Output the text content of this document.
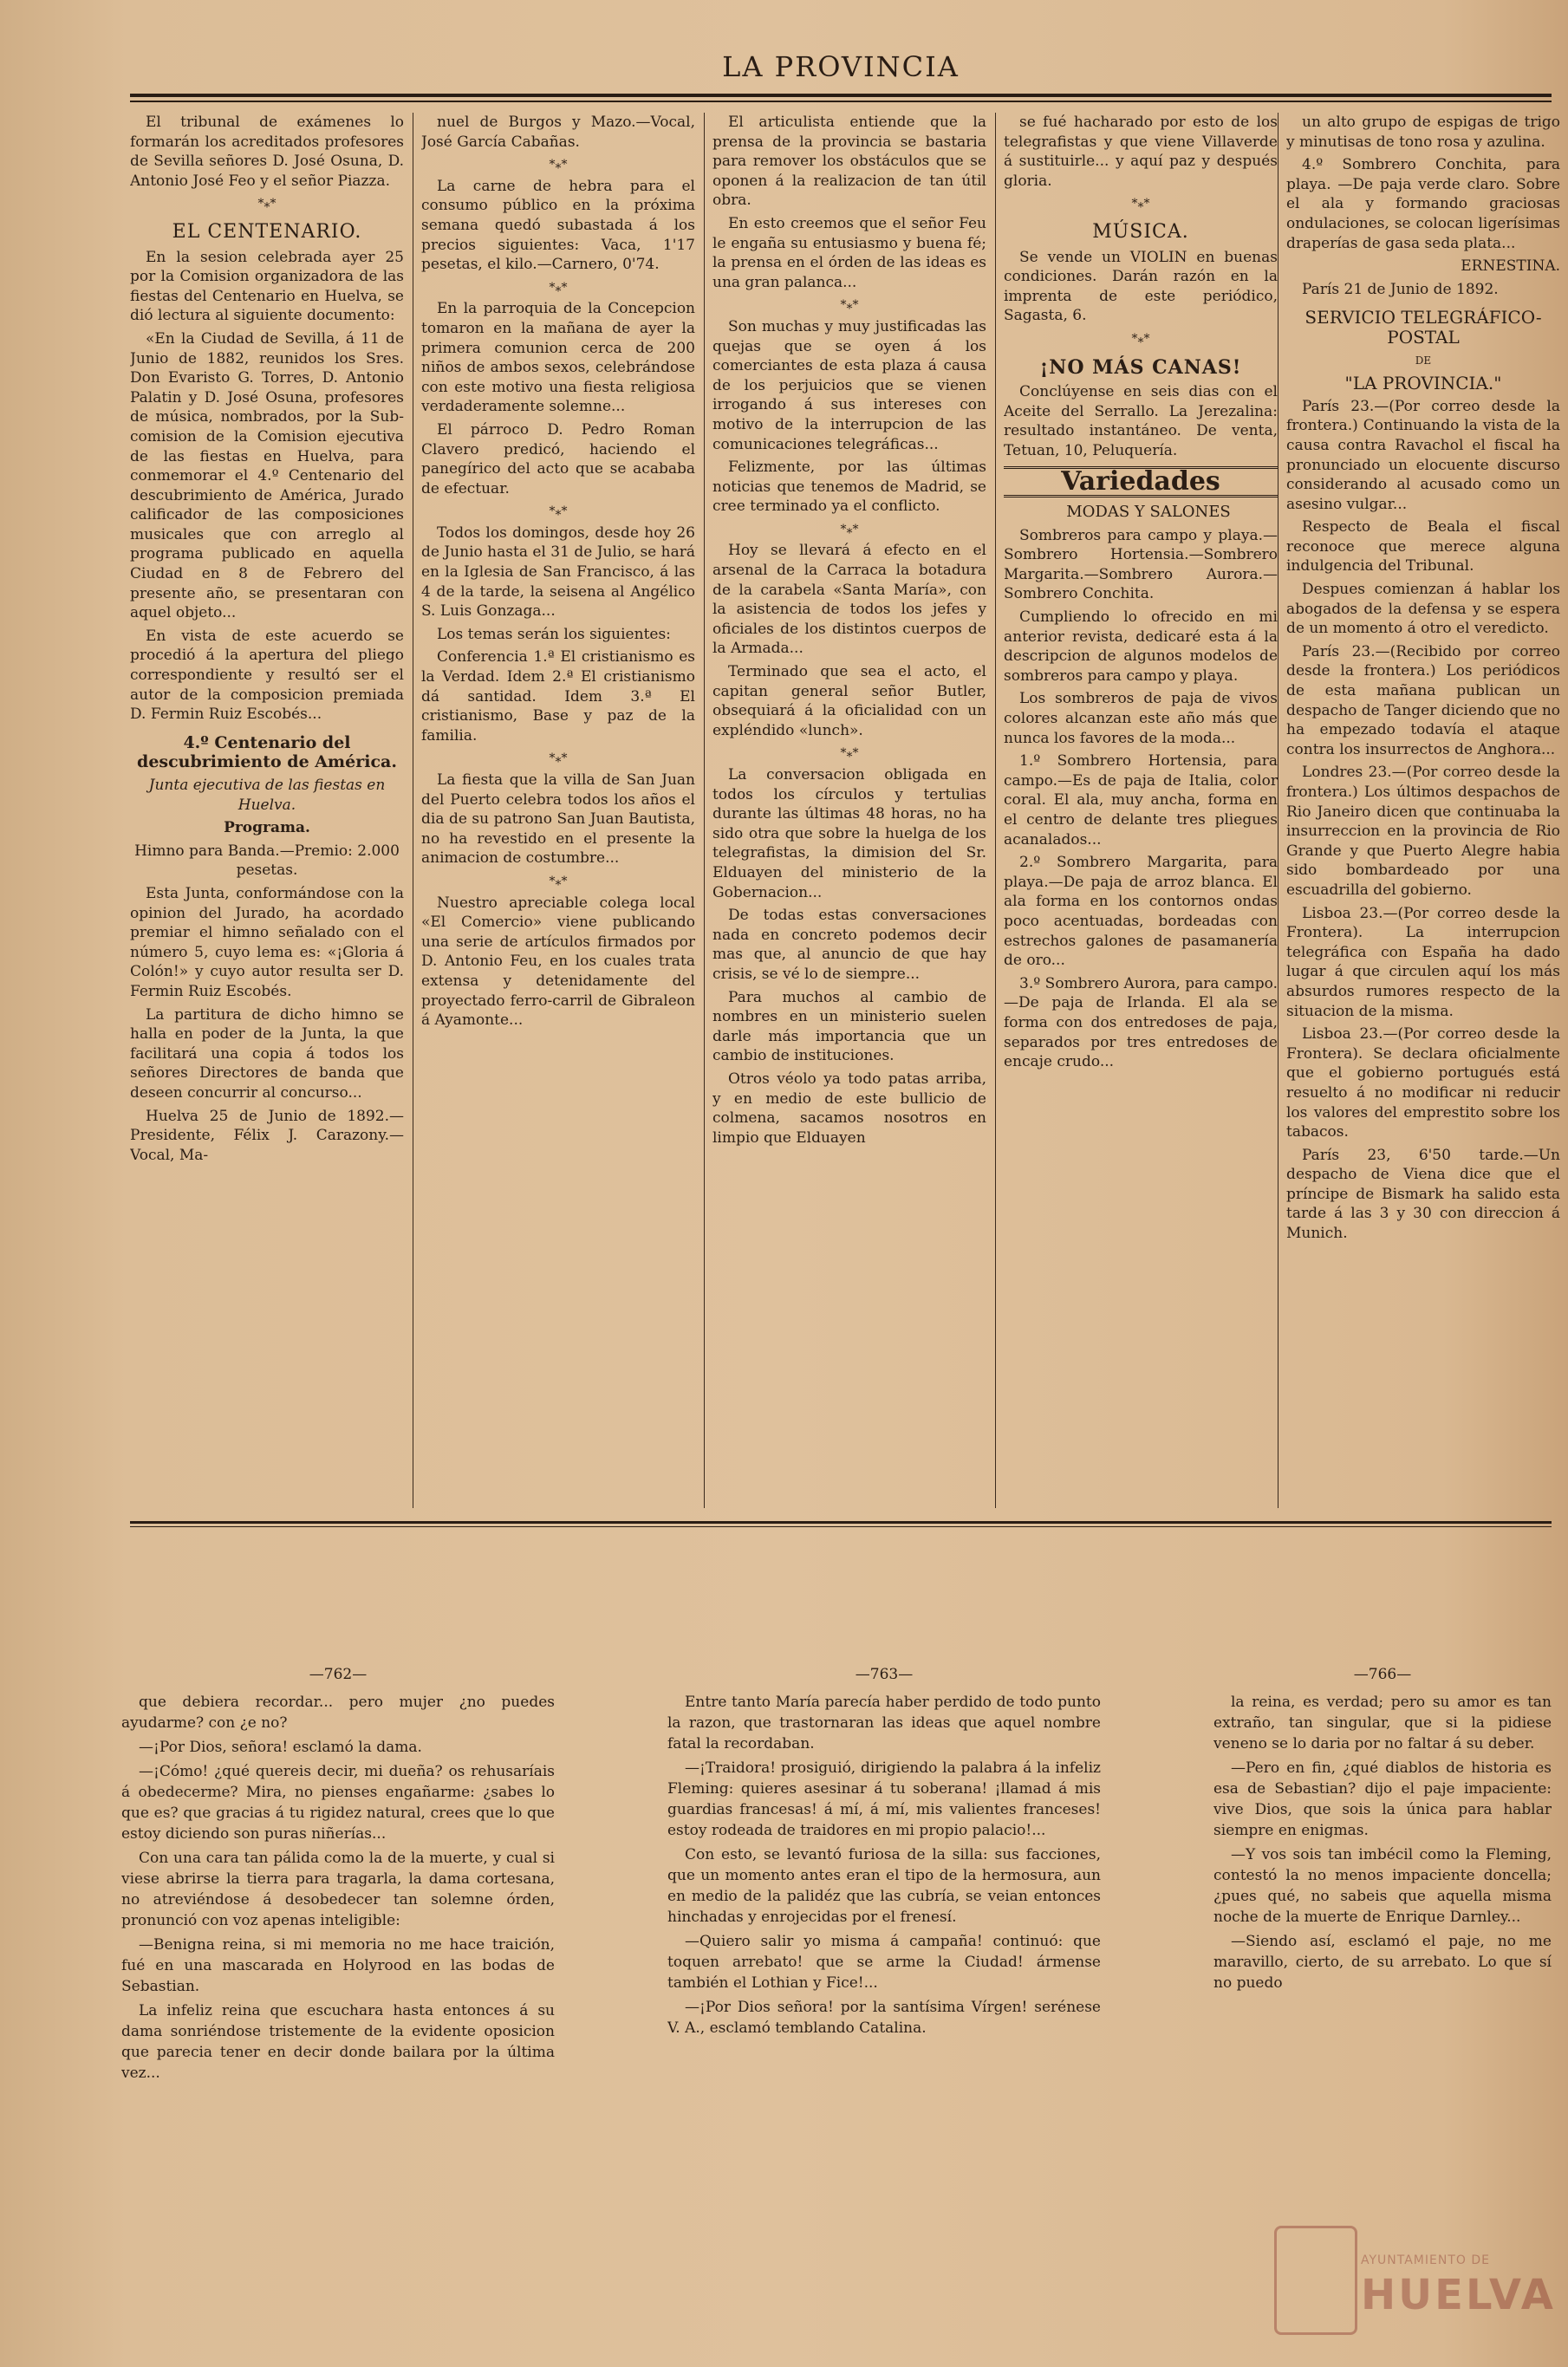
LA PROVINCIA

El tribunal de exámenes lo formarán los acreditados profesores de Sevilla señores D. José Osuna, D. Antonio José Feo y el señor Piazza.

*⁎*

EL CENTENARIO.

En la sesion celebrada ayer 25 por la Comision organizadora de las fiestas del Centenario en Huelva, se dió lectura al siguiente documento:

«En la Ciudad de Sevilla, á 11 de Junio de 1882, reunidos los Sres. Don Evaristo G. Torres, D. Antonio Palatin y D. José Osuna, profesores de música, nombrados, por la Sub-comision de la Comision ejecutiva de las fiestas en Huelva, para conmemorar el 4.º Centenario del descubrimiento de América, Jurado calificador de las composiciones musicales que con arreglo al programa publicado en aquella Ciudad en 8 de Febrero del presente año, se presentaran con aquel objeto...

En vista de este acuerdo se procedió á la apertura del pliego correspondiente y resultó ser el autor de la composicion premiada D. Fermin Ruiz Escobés...

4.º Centenario del descubrimiento de América.

Junta ejecutiva de las fiestas en Huelva.

Programa.

Himno para Banda.—Premio: 2.000 pesetas.

Esta Junta, conformándose con la opinion del Jurado, ha acordado premiar el himno señalado con el número 5, cuyo lema es: «¡Gloria á Colón!» y cuyo autor resulta ser D. Fermin Ruiz Escobés.

La partitura de dicho himno se halla en poder de la Junta, la que facilitará una copia á todos los señores Directores de banda que deseen concurrir al concurso...

Huelva 25 de Junio de 1892.—Presidente, Félix J. Carazony.—Vocal, Ma-

nuel de Burgos y Mazo.—Vocal, José García Cabañas.

*⁎*

La carne de hebra para el consumo público en la próxima semana quedó subastada á los precios siguientes: Vaca, 1'17 pesetas, el kilo.—Carnero, 0'74.

*⁎*

En la parroquia de la Concepcion tomaron en la mañana de ayer la primera comunion cerca de 200 niños de ambos sexos, celebrándose con este motivo una fiesta religiosa verdaderamente solemne...

El párroco D. Pedro Roman Clavero predicó, haciendo el panegírico del acto que se acababa de efectuar.

*⁎*

Todos los domingos, desde hoy 26 de Junio hasta el 31 de Julio, se hará en la Iglesia de San Francisco, á las 4 de la tarde, la seisena al Angélico S. Luis Gonzaga...

Los temas serán los siguientes:

Conferencia 1.ª El cristianismo es la Verdad. Idem 2.ª El cristianismo dá santidad. Idem 3.ª El cristianismo, Base y paz de la familia.

*⁎*

La fiesta que la villa de San Juan del Puerto celebra todos los años el dia de su patrono San Juan Bautista, no ha revestido en el presente la animacion de costumbre...

*⁎*

Nuestro apreciable colega local «El Comercio» viene publicando una serie de artículos firmados por D. Antonio Feu, en los cuales trata extensa y detenidamente del proyectado ferro-carril de Gibraleon á Ayamonte...

El articulista entiende que la prensa de la provincia se bastaria para remover los obstáculos que se oponen á la realizacion de tan útil obra.

En esto creemos que el señor Feu le engaña su entusiasmo y buena fé; la prensa en el órden de las ideas es una gran palanca...

*⁎*

Son muchas y muy justificadas las quejas que se oyen á los comerciantes de esta plaza á causa de los perjuicios que se vienen irrogando á sus intereses con motivo de la interrupcion de las comunicaciones telegráficas...

Felizmente, por las últimas noticias que tenemos de Madrid, se cree terminado ya el conflicto.

*⁎*

Hoy se llevará á efecto en el arsenal de la Carraca la botadura de la carabela «Santa María», con la asistencia de todos los jefes y oficiales de los distintos cuerpos de la Armada...

Terminado que sea el acto, el capitan general señor Butler, obsequiará á la oficialidad con un expléndido «lunch».

*⁎*

La conversacion obligada en todos los círculos y tertulias durante las últimas 48 horas, no ha sido otra que sobre la huelga de los telegrafistas, la dimision del Sr. Elduayen del ministerio de la Gobernacion...

De todas estas conversaciones nada en concreto podemos decir mas que, al anuncio de que hay crisis, se vé lo de siempre...

Para muchos al cambio de nombres en un ministerio suelen darle más importancia que un cambio de instituciones.

Otros véolo ya todo patas arriba, y en medio de este bullicio de colmena, sacamos nosotros en limpio que Elduayen

se fué hacharado por esto de los telegrafistas y que viene Villaverde á sustituirle... y aquí paz y después gloria.

*⁎*

MÚSICA.

Se vende un VIOLIN en buenas condiciones. Darán razón en la imprenta de este periódico, Sagasta, 6.

*⁎*

¡NO MÁS CANAS!

Conclúyense en seis dias con el Aceite del Serrallo. La Jerezalina: resultado instantáneo. De venta, Tetuan, 10, Peluquería.

Variedades

MODAS Y SALONES

Sombreros para campo y playa.—Sombrero Hortensia.—Sombrero Margarita.—Sombrero Aurora.—Sombrero Conchita.

Cumpliendo lo ofrecido en mi anterior revista, dedicaré esta á la descripcion de algunos modelos de sombreros para campo y playa.

Los sombreros de paja de vivos colores alcanzan este año más que nunca los favores de la moda...

1.º Sombrero Hortensia, para campo.—Es de paja de Italia, color coral. El ala, muy ancha, forma en el centro de delante tres pliegues acanalados...

2.º Sombrero Margarita, para playa.—De paja de arroz blanca. El ala forma en los contornos ondas poco acentuadas, bordeadas con estrechos galones de pasamanería de oro...

3.º Sombrero Aurora, para campo.—De paja de Irlanda. El ala se forma con dos entredoses de paja, separados por tres entredoses de encaje crudo...

un alto grupo de espigas de trigo y minutisas de tono rosa y azulina.

4.º Sombrero Conchita, para playa. —De paja verde claro. Sobre el ala y formando graciosas ondulaciones, se colocan ligerísimas draperías de gasa seda plata...

ERNESTINA.

París 21 de Junio de 1892.

SERVICIO TELEGRÁFICO-POSTAL

DE

"LA PROVINCIA."

París 23.—(Por correo desde la frontera.) Continuando la vista de la causa contra Ravachol el fiscal ha pronunciado un elocuente discurso considerando al acusado como un asesino vulgar...

Respecto de Beala el fiscal reconoce que merece alguna indulgencia del Tribunal.

Despues comienzan á hablar los abogados de la defensa y se espera de un momento á otro el veredicto.

París 23.—(Recibido por correo desde la frontera.) Los periódicos de esta mañana publican un despacho de Tanger diciendo que no ha empezado todavía el ataque contra los insurrectos de Anghora...

Londres 23.—(Por correo desde la frontera.) Los últimos despachos de Rio Janeiro dicen que continuaba la insurreccion en la provincia de Rio Grande y que Puerto Alegre habia sido bombardeado por una escuadrilla del gobierno.

Lisboa 23.—(Por correo desde la Frontera). La interrupcion telegráfica con España ha dado lugar á que circulen aquí los más absurdos rumores respecto de la situacion de la misma.

Lisboa 23.—(Por correo desde la Frontera). Se declara oficialmente que el gobierno portugués está resuelto á no modificar ni reducir los valores del emprestito sobre los tabacos.

París 23, 6'50 tarde.—Un despacho de Viena dice que el príncipe de Bismark ha salido esta tarde á las 3 y 30 con direccion á Munich.

—762—

que debiera recordar... pero mujer ¿no puedes ayudarme? con ¿e no?

—¡Por Dios, señora! esclamó la dama.

—¡Cómo! ¿qué quereis decir, mi dueña? os rehusaríais á obedecerme? Mira, no pienses engañarme: ¿sabes lo que es? que gracias á tu rigidez natural, crees que lo que estoy diciendo son puras niñerías...

Con una cara tan pálida como la de la muerte, y cual si viese abrirse la tierra para tragarla, la dama cortesana, no atreviéndose á desobedecer tan solemne órden, pronunció con voz apenas inteligible:

—Benigna reina, si mi memoria no me hace traición, fué en una mascarada en Holyrood en las bodas de Sebastian.

La infeliz reina que escuchara hasta entonces á su dama sonriéndose tristemente de la evidente oposicion que parecia tener en decir donde bailara por la última vez...

—763—

Entre tanto María parecía haber perdido de todo punto la razon, que trastornaran las ideas que aquel nombre fatal la recordaban.

—¡Traidora! prosiguió, dirigiendo la palabra á la infeliz Fleming: quieres asesinar á tu soberana! ¡llamad á mis guardias francesas! á mí, á mí, mis valientes franceses! estoy rodeada de traidores en mi propio palacio!...

Con esto, se levantó furiosa de la silla: sus facciones, que un momento antes eran el tipo de la hermosura, aun en medio de la palidéz que las cubría, se veian entonces hinchadas y enrojecidas por el frenesí.

—Quiero salir yo misma á campaña! continuó: que toquen arrebato! que se arme la Ciudad! ármense también el Lothian y Fice!...

—¡Por Dios señora! por la santísima Vírgen! serénese V. A., esclamó temblando Catalina.

—766—

la reina, es verdad; pero su amor es tan extraño, tan singular, que si la pidiese veneno se lo daria por no faltar á su deber.

—Pero en fin, ¿qué diablos de historia es esa de Sebastian? dijo el paje impaciente: vive Dios, que sois la única para hablar siempre en enigmas.

—Y vos sois tan imbécil como la Fleming, contestó la no menos impaciente doncella; ¿pues qué, no sabeis que aquella misma noche de la muerte de Enrique Darnley...

—Siendo así, esclamó el paje, no me maravillo, cierto, de su arrebato. Lo que sí no puedo

AYUNTAMIENTO DE
HUELVA
